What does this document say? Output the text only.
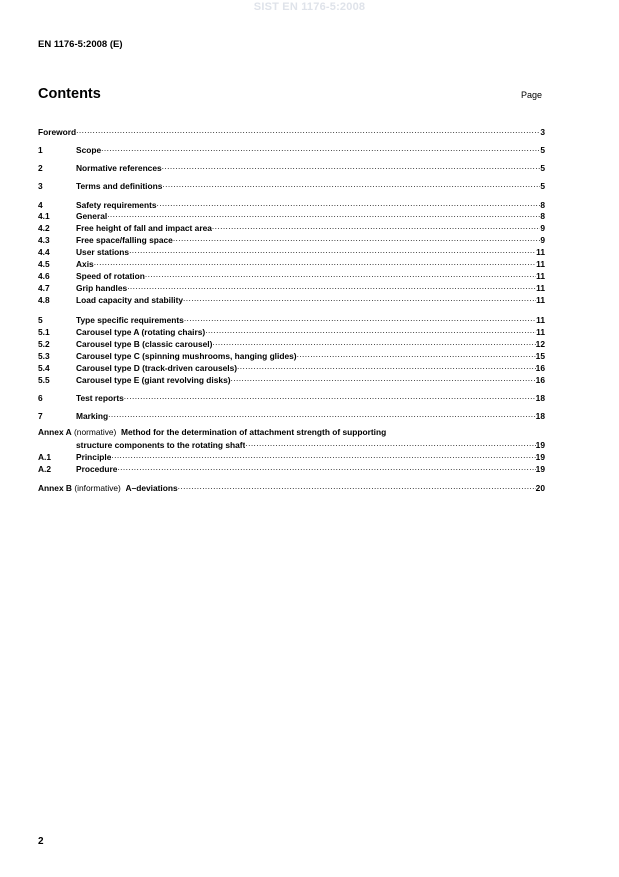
SIST EN 1176-5:2008
EN 1176-5:2008 (E)
Contents	Page
Foreword .....	3
1	Scope .....	5
2	Normative references .....	5
3	Terms and definitions .....	5
4	Safety requirements .....	8
4.1	General .....	8
4.2	Free height of fall and impact area .....	9
4.3	Free space/falling space .....	9
4.4	User stations .....	11
4.5	Axis .....	11
4.6	Speed of rotation .....	11
4.7	Grip handles .....	11
4.8	Load capacity and stability .....	11
5	Type specific requirements .....	11
5.1	Carousel type A (rotating chairs) .....	11
5.2	Carousel type B (classic carousel) .....	12
5.3	Carousel type C (spinning mushrooms, hanging glides) .....	15
5.4	Carousel type D (track-driven carousels) .....	16
5.5	Carousel type E (giant revolving disks) .....	16
6	Test reports .....	18
7	Marking .....	18
Annex A
(normative)
Method for the determination of attachment strength of supporting
structure components to the rotating shaft .....	19
A.1	Principle .....	19
A.2	Procedure .....	19
Annex B
(informative)
A–deviations .....	20
2
